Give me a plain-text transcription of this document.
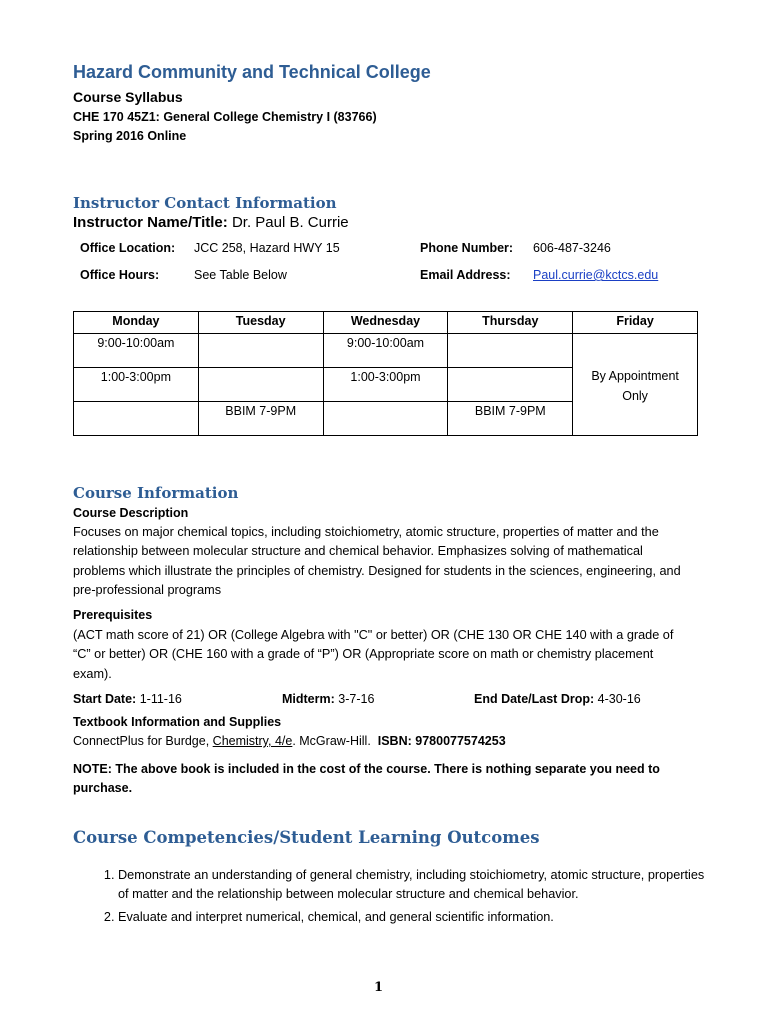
Hazard Community and Technical College
Course Syllabus
CHE 170 45Z1: General College Chemistry I (83766)
Spring 2016 Online
Instructor Contact Information
Instructor Name/Title: Dr. Paul B. Currie
Office Location: JCC 258, Hazard HWY 15	Phone Number: 606-487-3246
Office Hours:	See Table Below	Email Address: Paul.currie@kctcs.edu
Monday	Tuesday	Wednesday	Thursday	Friday
9:00-10:00am		9:00-10:00am		By Appointment Only

1:00-3:00pm		1:00-3:00pm		
	BBIM 7-9PM		BBIM 7-9PM	
Course Information
Course Description
Focuses on major chemical topics, including stoichiometry, atomic structure, properties of matter and the relationship between molecular structure and chemical behavior. Emphasizes solving of mathematical problems which illustrate the principles of chemistry. Designed for students in the sciences, engineering, and pre-professional programs
Prerequisites
(ACT math score of 21) OR (College Algebra with "C" or better) OR (CHE 130 OR CHE 140 with a grade of “C” or better) OR (CHE 160 with a grade of “P”) OR (Appropriate score on math or chemistry placement exam).
Start Date: 1-11-16	Midterm: 3-7-16	End Date/Last Drop: 4-30-16
Textbook Information and Supplies
ConnectPlus for Burdge, Chemistry, 4/e. McGraw-Hill.  ISBN: 9780077574253
NOTE: The above book is included in the cost of the course. There is nothing separate you need to purchase.
Course Competencies/Student Learning Outcomes
1. Demonstrate an understanding of general chemistry, including stoichiometry, atomic structure, properties of matter and the relationship between molecular structure and chemical behavior.
2. Evaluate and interpret numerical, chemical, and general scientific information.
1
